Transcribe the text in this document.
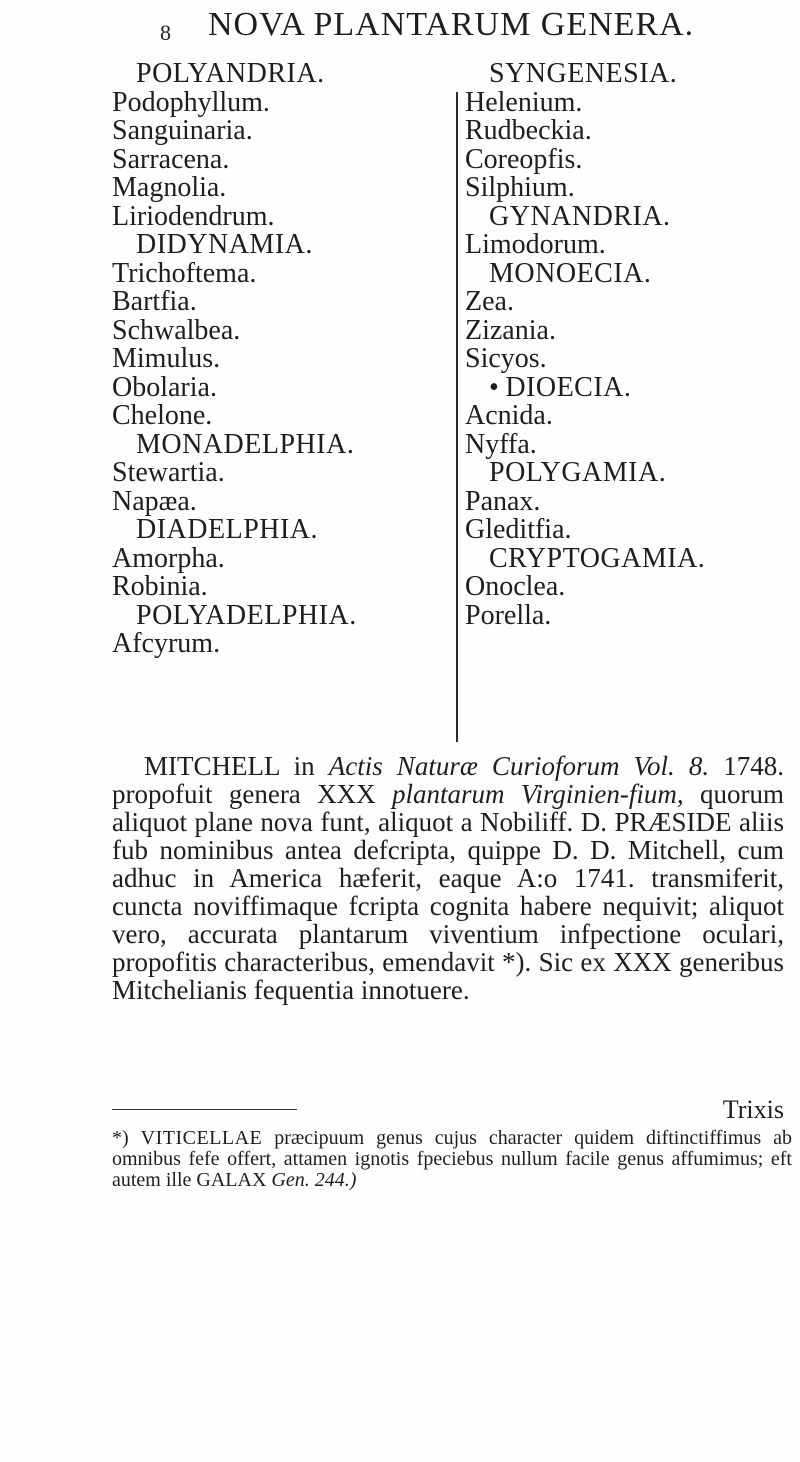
8 NOVA PLANTARUM GENERA.
POLYANDRIA.
Podophyllum.
Sanguinaria.
Sarracena.
Magnolia.
Liriodendrum.
DIDYNAMIA.
Trichoftema.
Bartfia.
Schwalbea.
Mimulus.
Obolaria.
Chelone.
MONADELPHIA.
Stewartia.
Napæa.
DIADELPHIA.
Amorpha.
Robinia.
POLYADELPHIA.
Afcyrum.
SYNGENESIA.
Helenium.
Rudbeckia.
Coreopfis.
Silphium.
GYNANDRIA.
Limodorum.
MONOECIA.
Zea.
Zizania.
Sicyos.
• DIOECIA.
Acnida.
Nyffa.
POLYGAMIA.
Panax.
Gleditfia.
CRYPTOGAMIA.
Onoclea.
Porella.

MITCHELL in Actis Naturæ Curioforum Vol. 8. 1748. propofuit genera XXX plantarum Virginien-fium, quorum aliquot plane nova funt, aliquot a Nobiliff. D. PRÆSIDE aliis fub nominibus antea defcripta, quippe D. D. Mitchell, cum adhuc in America hæferit, eaque A:o 1741. transmiferit, cuncta noviffimaque fcripta cognita habere nequivit; aliquot vero, accurata plantarum viventium infpectione oculari, propofitis characteribus, emendavit *). Sic ex XXX generibus Mitchelianis fequentia innotuere.

Trixis

*) VITICELLAE præcipuum genus cujus character quidem diftinctiffimus ab omnibus fefe offert, attamen ignotis fpeciebus nullum facile genus affumimus; eft autem ille GALAX Gen. 244.)
